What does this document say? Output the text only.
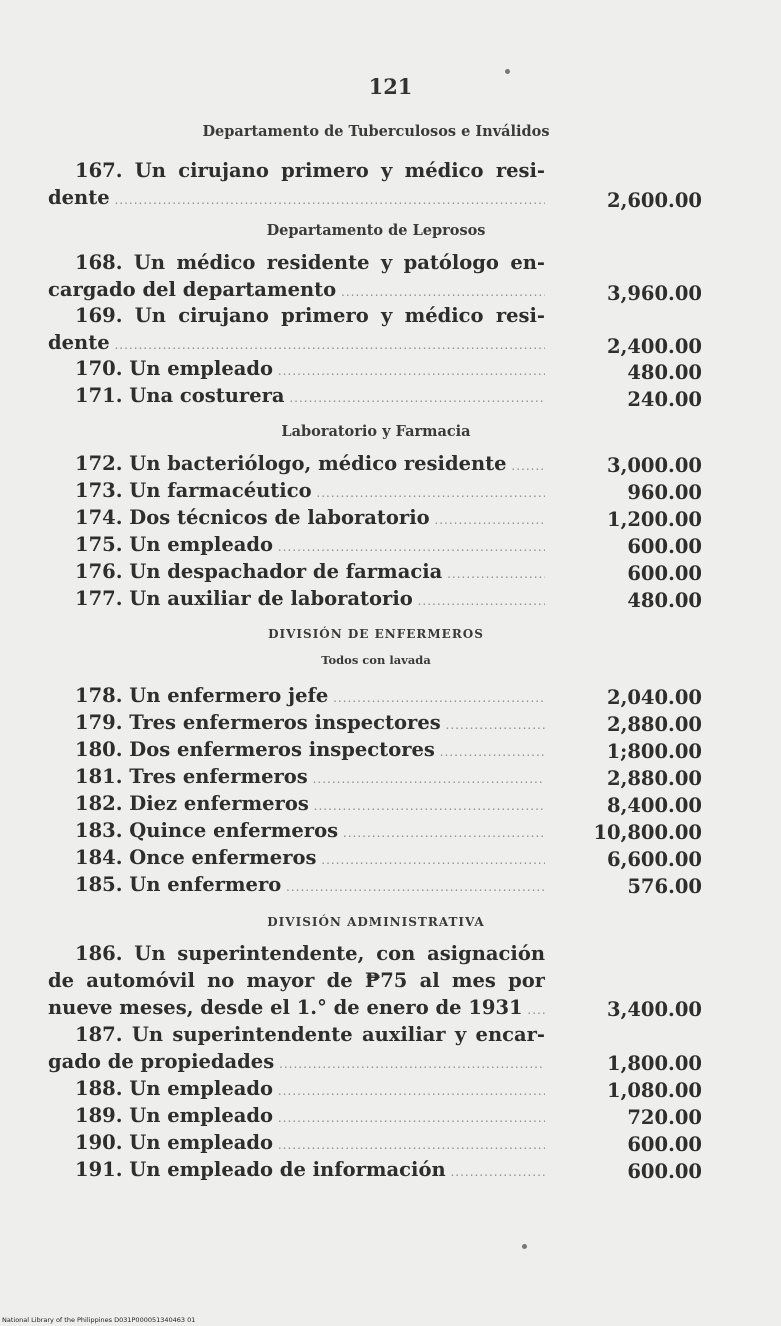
121
Departamento de Tuberculosos e Inválidos
167. Un cirujano primero y médico resi-
dente .....	2,600.00
Departamento de Leprosos
168. Un médico residente y patólogo en-
cargado del departamento .....	3,960.00
169. Un cirujano primero y médico resi-
dente .....	2,400.00
170. Un empleado .....	480.00
171. Una costurera .....	240.00
Laboratorio y Farmacia
172. Un bacteriólogo, médico residente .....	3,000.00
173. Un farmacéutico .....	960.00
174. Dos técnicos de laboratorio .....	1,200.00
175. Un empleado .....	600.00
176. Un despachador de farmacia .....	600.00
177. Un auxiliar de laboratorio .....	480.00
DIVISIÓN DE ENFERMEROS
Todos con lavada
178. Un enfermero jefe .....	2,040.00
179. Tres enfermeros inspectores .....	2,880.00
180. Dos enfermeros inspectores .....	1;800.00
181. Tres enfermeros .....	2,880.00
182. Diez enfermeros .....	8,400.00
183. Quince enfermeros .....	10,800.00
184. Once enfermeros .....	6,600.00
185. Un enfermero .....	576.00
DIVISIÓN ADMINISTRATIVA
186. Un superintendente, con asignación
de automóvil no mayor de ₱75 al mes por
nueve meses, desde el 1.° de enero de 1931 .....	3,400.00
187. Un superintendente auxiliar y encar-
gado de propiedades .....	1,800.00
188. Un empleado .....	1,080.00
189. Un empleado .....	720.00
190. Un empleado .....	600.00
191. Un empleado de información .....	600.00
National Library of the Philippines D031P000051340463 01
